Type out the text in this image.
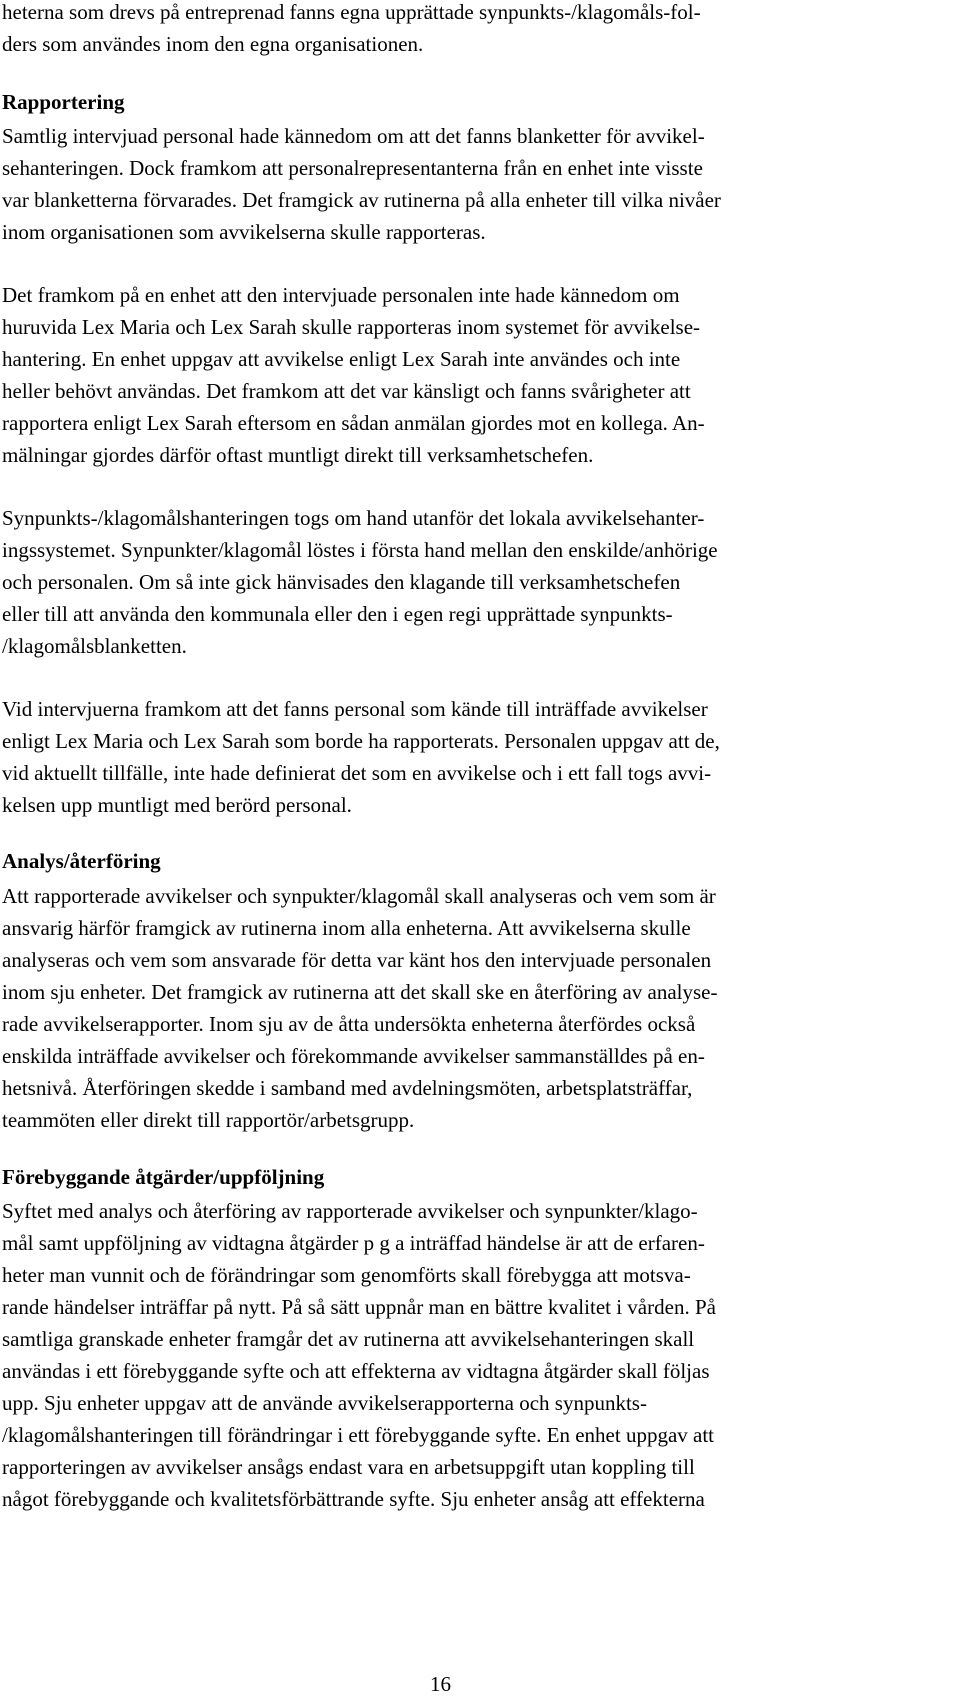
heterna som drevs på entreprenad fanns egna upprättade synpunkts-/klagomåls-fol-

ders som användes inom den egna organisationen.

Rapportering

Samtlig intervjuad personal hade kännedom om att det fanns blanketter för avvikel-

sehanteringen. Dock framkom att personalrepresentanterna från en enhet inte visste

var blanketterna förvarades. Det framgick av rutinerna på alla enheter till vilka nivåer

inom organisationen som avvikelserna skulle rapporteras.

Det framkom på en enhet att den intervjuade personalen inte hade kännedom om

huruvida Lex Maria och Lex Sarah skulle rapporteras inom systemet för avvikelse-

hantering. En enhet uppgav att avvikelse enligt Lex Sarah inte användes och inte

heller behövt användas. Det framkom att det var känsligt och fanns svårigheter att

rapportera enligt Lex Sarah eftersom en sådan anmälan gjordes mot en kollega. An-

mälningar gjordes därför oftast muntligt direkt till verksamhetschefen.

Synpunkts-/klagomålshanteringen togs om hand utanför det lokala avvikelsehanter-

ingssystemet. Synpunkter/klagomål löstes i första hand mellan den enskilde/anhörige

och personalen. Om så inte gick hänvisades den klagande till verksamhetschefen

eller till att använda den kommunala eller den i egen regi upprättade synpunkts-

/klagomålsblanketten.

Vid intervjuerna framkom att det fanns personal som kände till inträffade avvikelser

enligt Lex Maria och Lex Sarah som borde ha rapporterats. Personalen uppgav att de,

vid aktuellt tillfälle, inte hade definierat det som en avvikelse och i ett fall togs avvi-

kelsen upp muntligt med berörd personal.

Analys/återföring

Att rapporterade avvikelser och synpukter/klagomål skall analyseras och vem som är

ansvarig härför framgick av rutinerna inom alla enheterna. Att avvikelserna skulle

analyseras och vem som ansvarade för detta var känt hos den intervjuade personalen

inom sju enheter. Det framgick av rutinerna att det skall ske en återföring av analyse-

rade avvikelserapporter. Inom sju av de åtta undersökta enheterna återfördes också

enskilda inträffade avvikelser och förekommande avvikelser sammanställdes på en-

hetsnivå. Återföringen skedde i samband med avdelningsmöten, arbetsplatsträffar,

teammöten eller direkt till rapportör/arbetsgrupp.

Förebyggande åtgärder/uppföljning

Syftet med analys och återföring av rapporterade avvikelser och synpunkter/klago-

mål samt uppföljning av vidtagna åtgärder p g a inträffad händelse är att de erfaren-

heter man vunnit och de förändringar som genomförts skall förebygga att motsva-

rande händelser inträffar på nytt. På så sätt uppnår man en bättre kvalitet i vården. På

samtliga granskade enheter framgår det av rutinerna att avvikelsehanteringen skall

användas i ett förebyggande syfte och att effekterna av vidtagna åtgärder skall följas

upp. Sju enheter uppgav att de använde avvikelserapporterna och synpunkts-

/klagomålshanteringen till förändringar i ett förebyggande syfte. En enhet uppgav att

rapporteringen av avvikelser ansågs endast vara en arbetsuppgift utan koppling till

något förebyggande och kvalitetsförbättrande syfte. Sju enheter ansåg att effekterna

16
